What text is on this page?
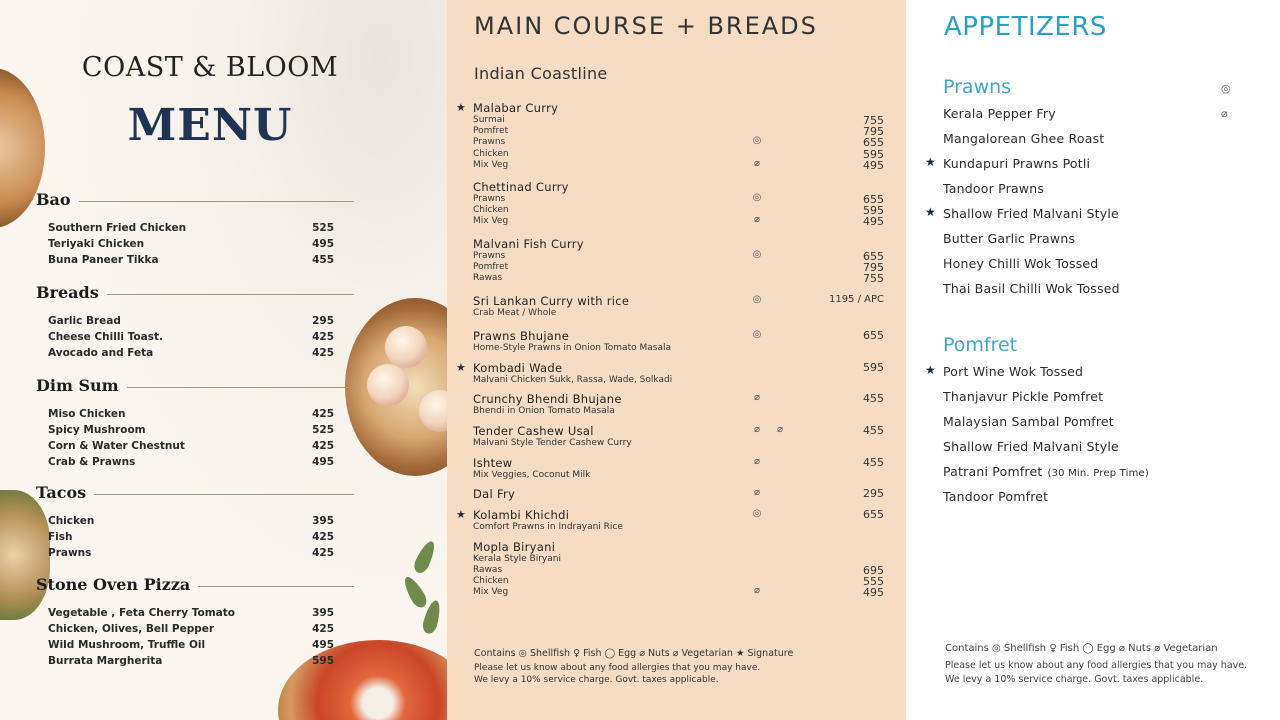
COAST & BLOOM
MENU
Bao
Southern Fried Chicken	525
Teriyaki Chicken	495
Buna Paneer Tikka	455
Breads
Garlic Bread	295
Cheese Chilli Toast.	425
Avocado and Feta	425
Dim Sum
Miso Chicken	425
Spicy Mushroom	525
Corn & Water Chestnut	425
Crab & Prawns	495
Tacos
Chicken	395
Fish	425
Prawns	425
Stone Oven Pizza
Vegetable , Feta Cherry Tomato	395
Chicken, Olives, Bell Pepper	425
Wild Mushroom, Truffle Oil	495
Burrata Margherita	595
MAIN COURSE + BREADS
Indian Coastline
Contains ◎ Shellfish ♀ Fish ◯ Egg ⌀ Nuts ⌀ Vegetarian ★ Signature
Please let us know about any food allergies that you may have.
We levy a 10% service charge. Govt. taxes applicable.
Malabar Curry
★
Surmai	755
Pomfret	795
Prawns	655
◎
Chicken	595
Mix Veg	495
⌀
Chettinad Curry
Prawns	655
◎
Chicken	595
Mix Veg	495
⌀
Malvani Fish Curry
Prawns	655
◎
Pomfret	795
Rawas	755
Sri Lankan Curry with rice
Crab Meat / Whole
1195 / APC
◎
Prawns Bhujane
Home-Style Prawns in Onion Tomato Masala
655
◎
Kombadi Wade
★
Malvani Chicken Sukk, Rassa, Wade, Solkadi
595
Crunchy Bhendi Bhujane
Bhendi in Onion Tomato Masala
455
⌀
Tender Cashew Usal
Malvani Style Tender Cashew Curry
455
⌀	⌀
Ishtew
Mix Veggies, Coconut Milk
455
⌀
Dal Fry	295
⌀
Kolambi Khichdi
★
Comfort Prawns in Indrayani Rice
655
◎
Mopla Biryani
Kerala Style Biryani
Rawas	695
Chicken	555
Mix Veg	495
⌀
APPETIZERS
Prawns	◎
⌀
Pomfret
Contains ◎ Shellfish ♀ Fish ◯ Egg ⌀ Nuts ⌀ Vegetarian
Please let us know about any food allergies that you may have.
We levy a 10% service charge. Govt. taxes applicable.
Kerala Pepper Fry
Mangalorean Ghee Roast
Kundapuri Prawns Potli
★
Tandoor Prawns
Shallow Fried Malvani Style
★
Butter Garlic Prawns
Honey Chilli Wok Tossed
Thai Basil Chilli Wok Tossed
Port Wine Wok Tossed
★
Thanjavur Pickle Pomfret
Malaysian Sambal Pomfret
Shallow Fried Malvani Style
Patrani Pomfret (30 Min. Prep Time)
Tandoor Pomfret
